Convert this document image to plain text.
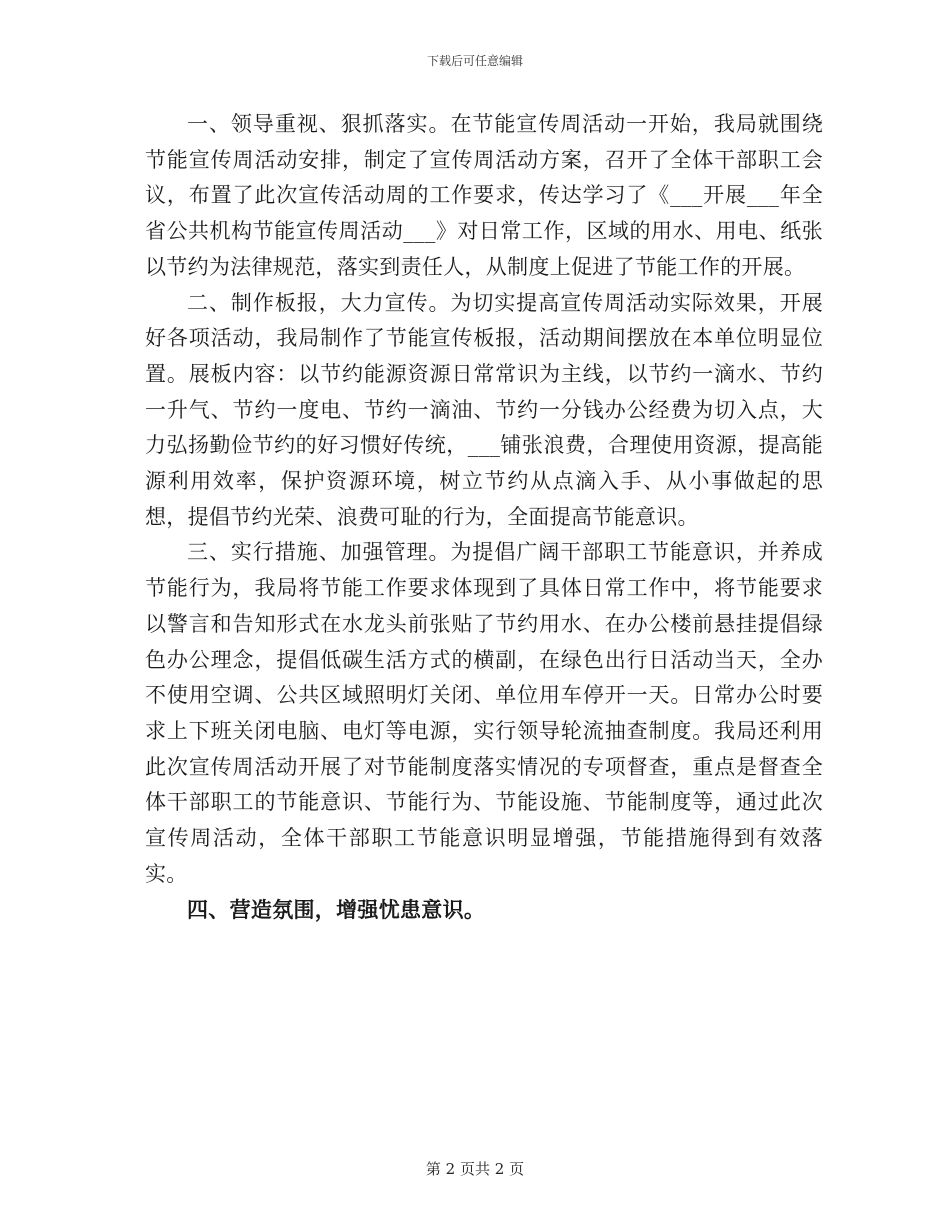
下载后可任意编辑

一、领导重视、狠抓落实。在节能宣传周活动一开始，我局就围绕节能宣传周活动安排，制定了宣传周活动方案，召开了全体干部职工会议，布置了此次宣传活动周的工作要求，传达学习了《___开展___年全省公共机构节能宣传周活动___》对日常工作，区域的用水、用电、纸张以节约为法律规范，落实到责任人，从制度上促进了节能工作的开展。

二、制作板报，大力宣传。为切实提高宣传周活动实际效果，开展好各项活动，我局制作了节能宣传板报，活动期间摆放在本单位明显位置。展板内容：以节约能源资源日常常识为主线，以节约一滴水、节约一升气、节约一度电、节约一滴油、节约一分钱办公经费为切入点，大力弘扬勤俭节约的好习惯好传统，___铺张浪费，合理使用资源，提高能源利用效率，保护资源环境，树立节约从点滴入手、从小事做起的思想，提倡节约光荣、浪费可耻的行为，全面提高节能意识。

三、实行措施、加强管理。为提倡广阔干部职工节能意识，并养成节能行为，我局将节能工作要求体现到了具体日常工作中，将节能要求以警言和告知形式在水龙头前张贴了节约用水、在办公楼前悬挂提倡绿色办公理念，提倡低碳生活方式的横副，在绿色出行日活动当天，全办不使用空调、公共区域照明灯关闭、单位用车停开一天。日常办公时要求上下班关闭电脑、电灯等电源，实行领导轮流抽查制度。我局还利用此次宣传周活动开展了对节能制度落实情况的专项督查，重点是督查全体干部职工的节能意识、节能行为、节能设施、节能制度等，通过此次宣传周活动，全体干部职工节能意识明显增强，节能措施得到有效落实。

四、营造氛围，增强忧患意识。

第 2 页共 2 页
